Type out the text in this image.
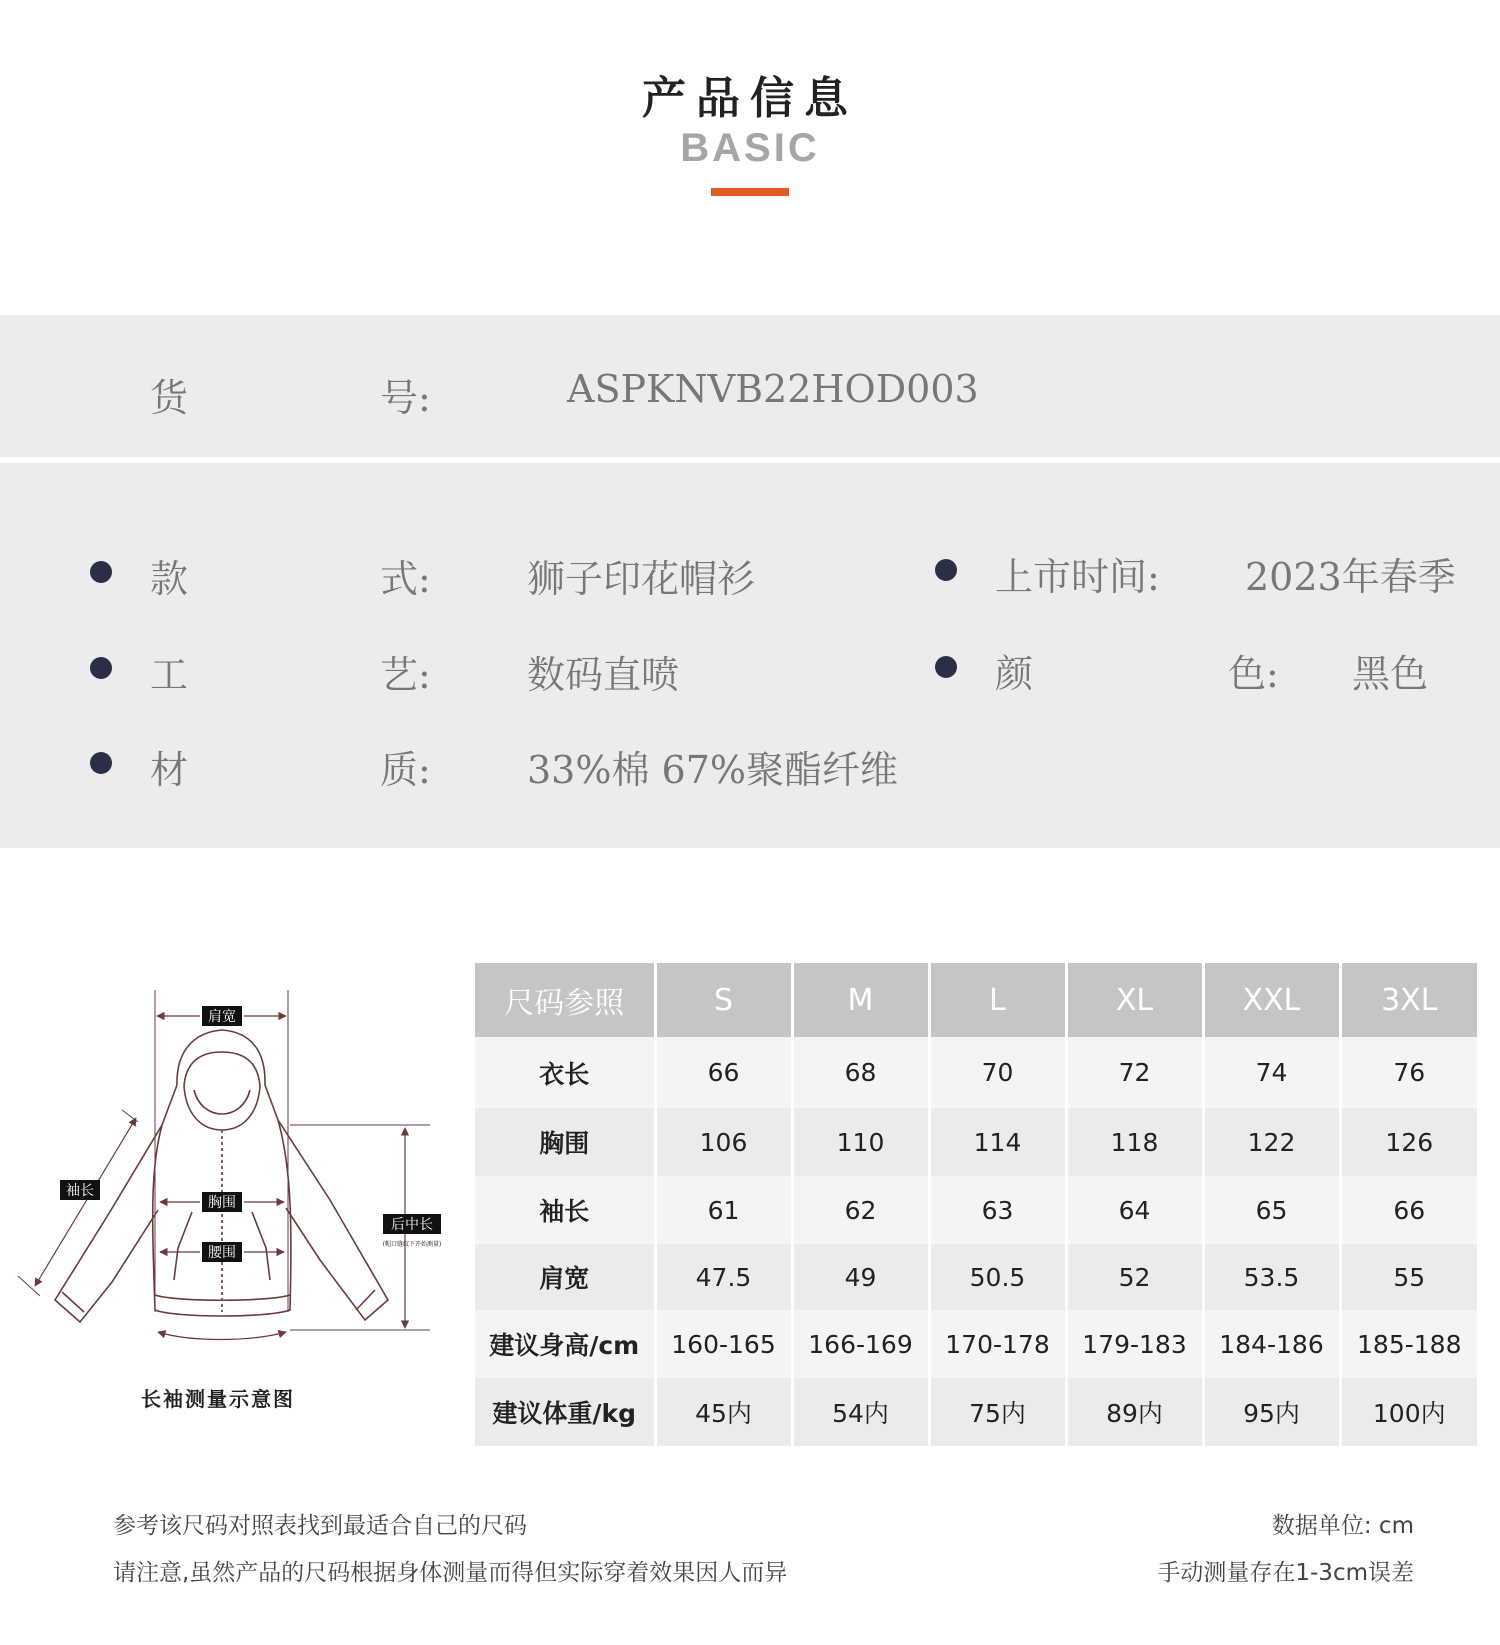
产品信息
BASIC
货	号:	ASPKNVB22HOD003
款	式:	狮子印花帽衫
工	艺:	数码直喷
材	质:	33%棉 67%聚酯纤维
上市时间: 2023年春季
颜	色: 黑色
肩宽
袖长
胸围
腰围
后中长
(帽口缝纹下开始测量)
长袖测量示意图
尺码参照	S	M	L	XL	XXL	3XL
衣长	66	68	70	72	74	76
胸围	106	110	114	118	122	126
袖长	61	62	63	64	65	66
肩宽	47.5	49	50.5	52	53.5	55
建议身高/cm	160-165	166-169	170-178	179-183	184-186	185-188
建议体重/kg	45内	54内	75内	89内	95内	100内
参考该尺码对照表找到最适合自己的尺码
请注意,虽然产品的尺码根据身体测量而得但实际穿着效果因人而异
数据单位: cm
手动测量存在1-3cm误差
